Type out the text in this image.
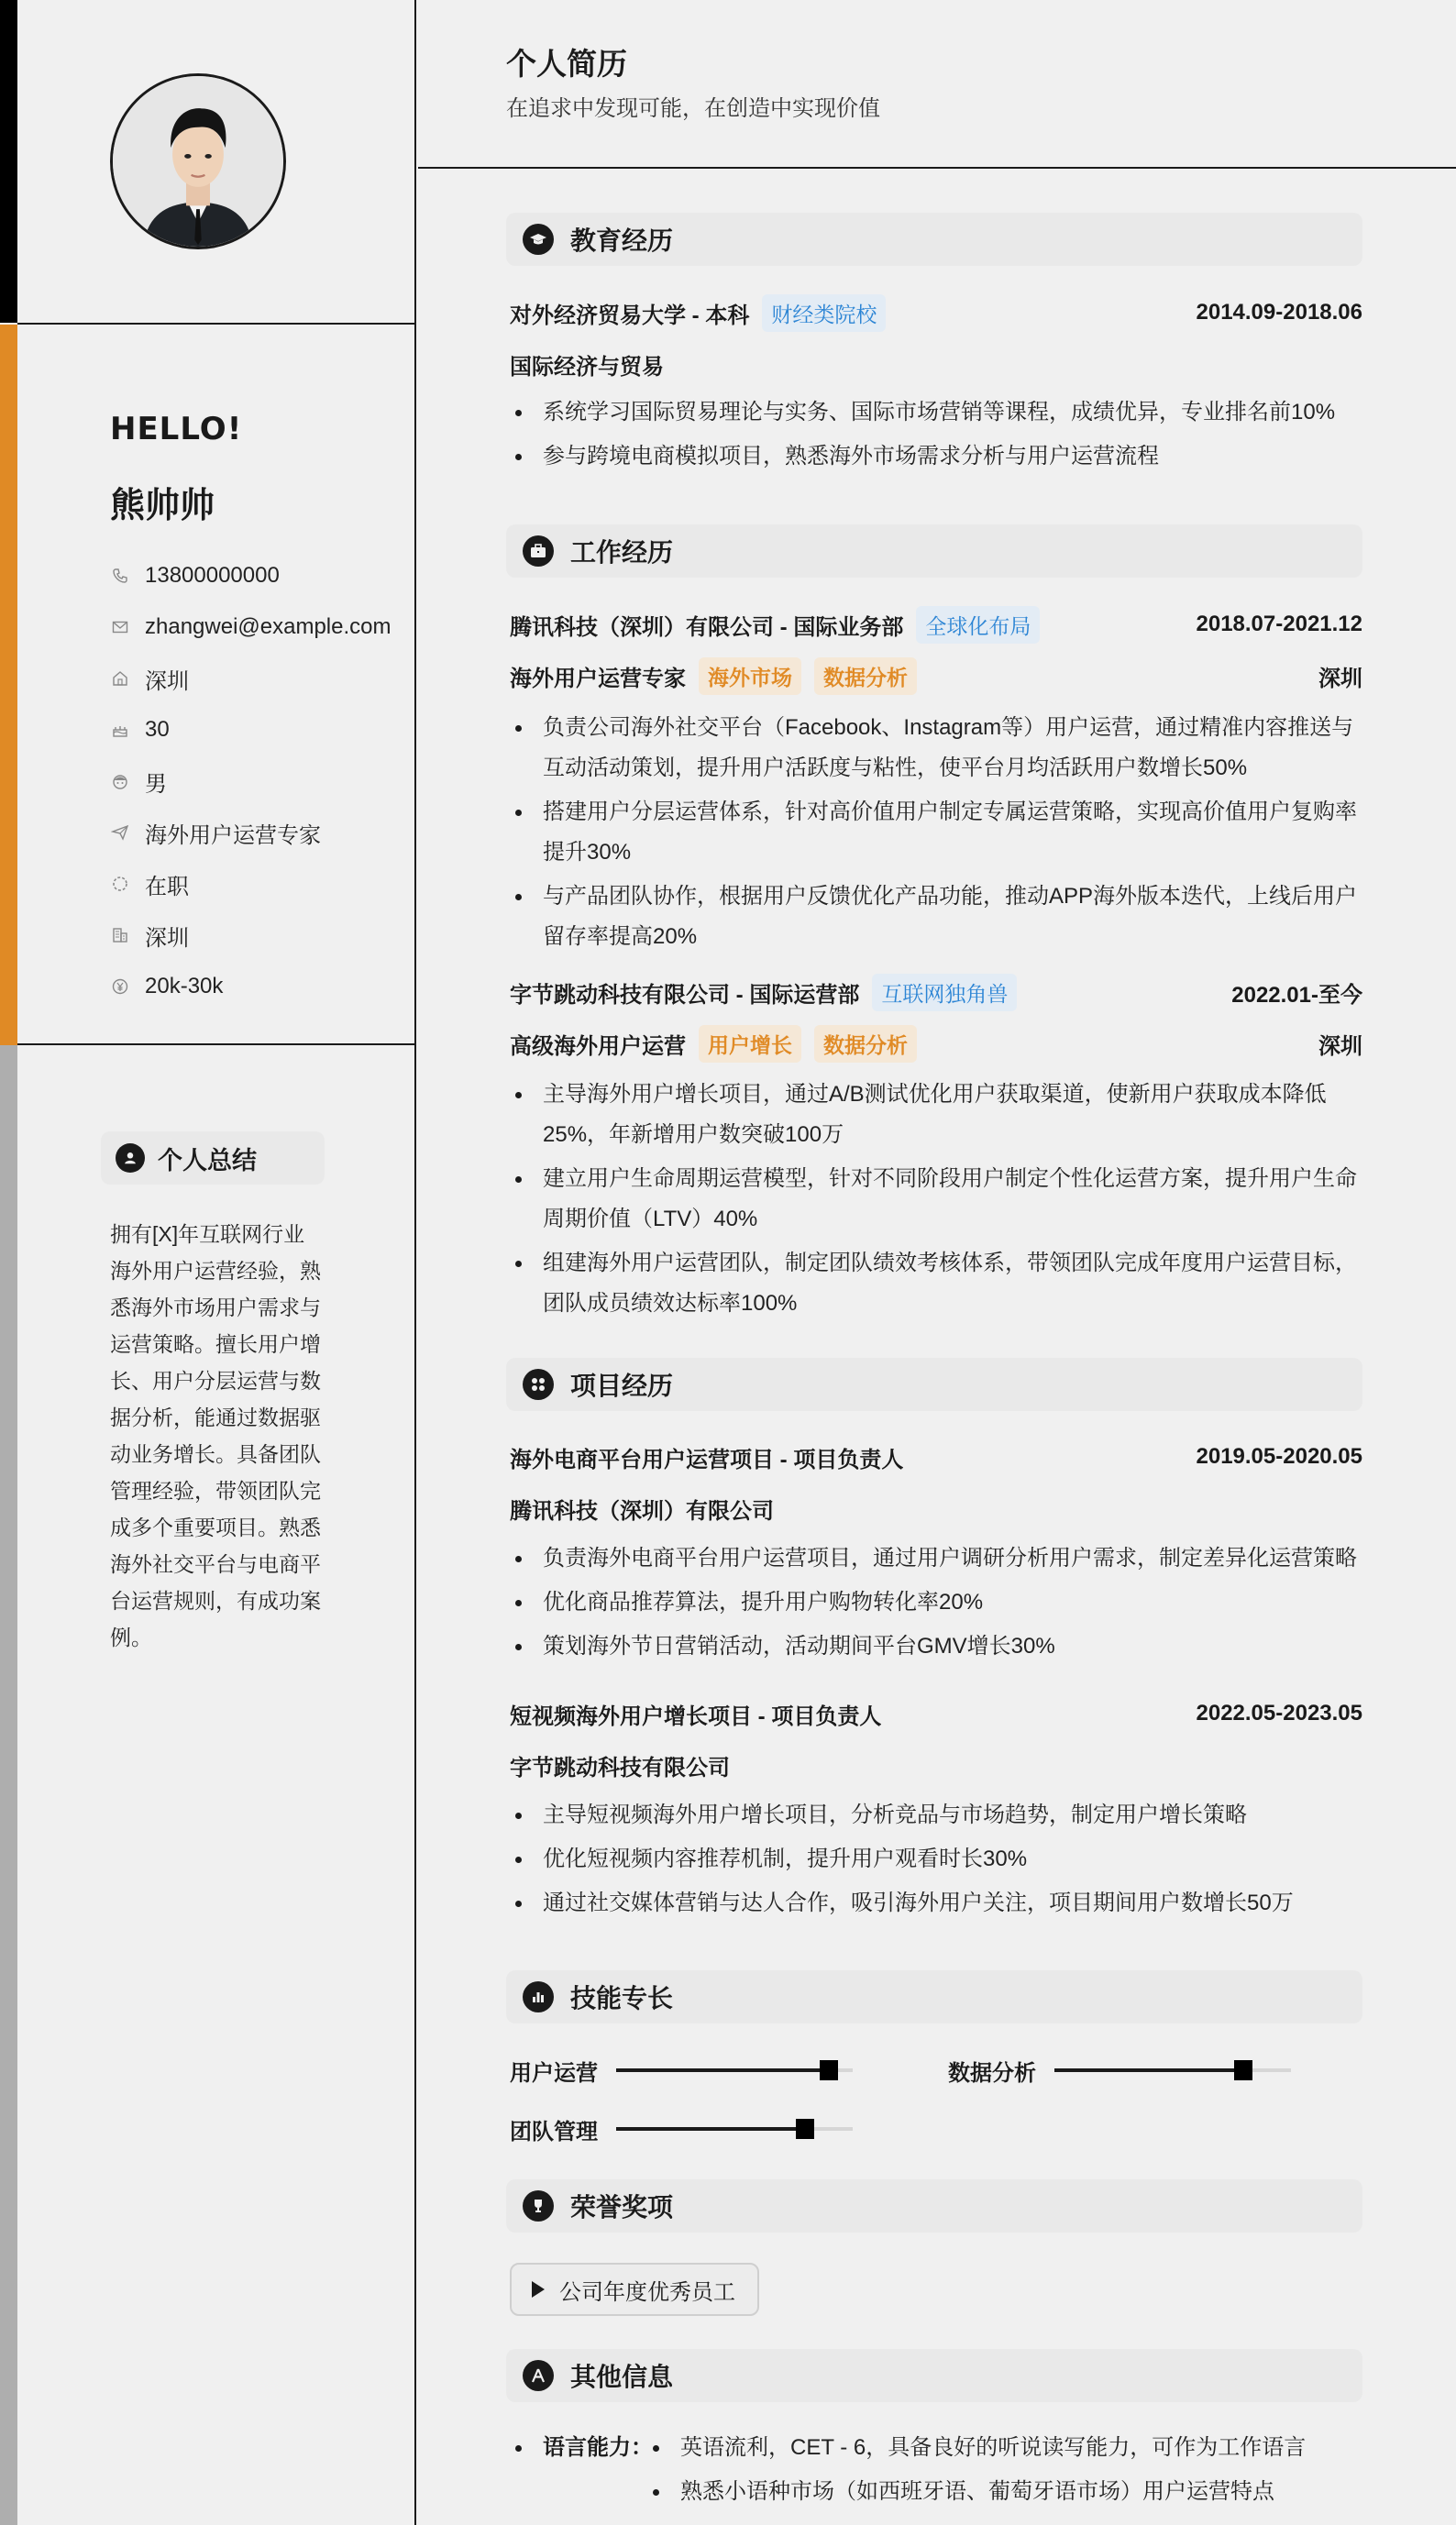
HELLO!
熊帅帅
13800000000
zhangwei@example.com
深圳
30
男
海外用户运营专家
在职
深圳
20k-30k
个人总结
拥有[X]年互联网行业海外用户运营经验，熟悉海外市场用户需求与运营策略。擅长用户增长、用户分层运营与数据分析，能通过数据驱动业务增长。具备团队管理经验，带领团队完成多个重要项目。熟悉海外社交平台与电商平台运营规则，有成功案例。
个人简历
在追求中发现可能，在创造中实现价值
教育经历
对外经济贸易大学 - 本科	财经类院校	2014.09-2018.06
国际经济与贸易
系统学习国际贸易理论与实务、国际市场营销等课程，成绩优异，专业排名前10%
参与跨境电商模拟项目，熟悉海外市场需求分析与用户运营流程
工作经历
腾讯科技（深圳）有限公司 - 国际业务部	全球化布局	2018.07-2021.12
海外用户运营专家	海外市场	数据分析	深圳
负责公司海外社交平台（Facebook、Instagram等）用户运营，通过精准内容推送与互动活动策划，提升用户活跃度与粘性，使平台月均活跃用户数增长50%
搭建用户分层运营体系，针对高价值用户制定专属运营策略，实现高价值用户复购率提升30%
与产品团队协作，根据用户反馈优化产品功能，推动APP海外版本迭代，上线后用户留存率提高20%
字节跳动科技有限公司 - 国际运营部	互联网独角兽	2022.01-至今
高级海外用户运营	用户增长	数据分析	深圳
主导海外用户增长项目，通过A/B测试优化用户获取渠道，使新用户获取成本降低25%，年新增用户数突破100万
建立用户生命周期运营模型，针对不同阶段用户制定个性化运营方案，提升用户生命周期价值（LTV）40%
组建海外用户运营团队，制定团队绩效考核体系，带领团队完成年度用户运营目标，团队成员绩效达标率100%
项目经历
海外电商平台用户运营项目 - 项目负责人	2019.05-2020.05
腾讯科技（深圳）有限公司
负责海外电商平台用户运营项目，通过用户调研分析用户需求，制定差异化运营策略
优化商品推荐算法，提升用户购物转化率20%
策划海外节日营销活动，活动期间平台GMV增长30%
短视频海外用户增长项目 - 项目负责人	2022.05-2023.05
字节跳动科技有限公司
主导短视频海外用户增长项目，分析竞品与市场趋势，制定用户增长策略
优化短视频内容推荐机制，提升用户观看时长30%
通过社交媒体营销与达人合作，吸引海外用户关注，项目期间用户数增长50万
技能专长
用户运营	数据分析
团队管理
荣誉奖项
公司年度优秀员工
其他信息
语言能力：	英语流利，CET - 6，具备良好的听说读写能力，可作为工作语言
熟悉小语种市场（如西班牙语、葡萄牙语市场）用户运营特点
